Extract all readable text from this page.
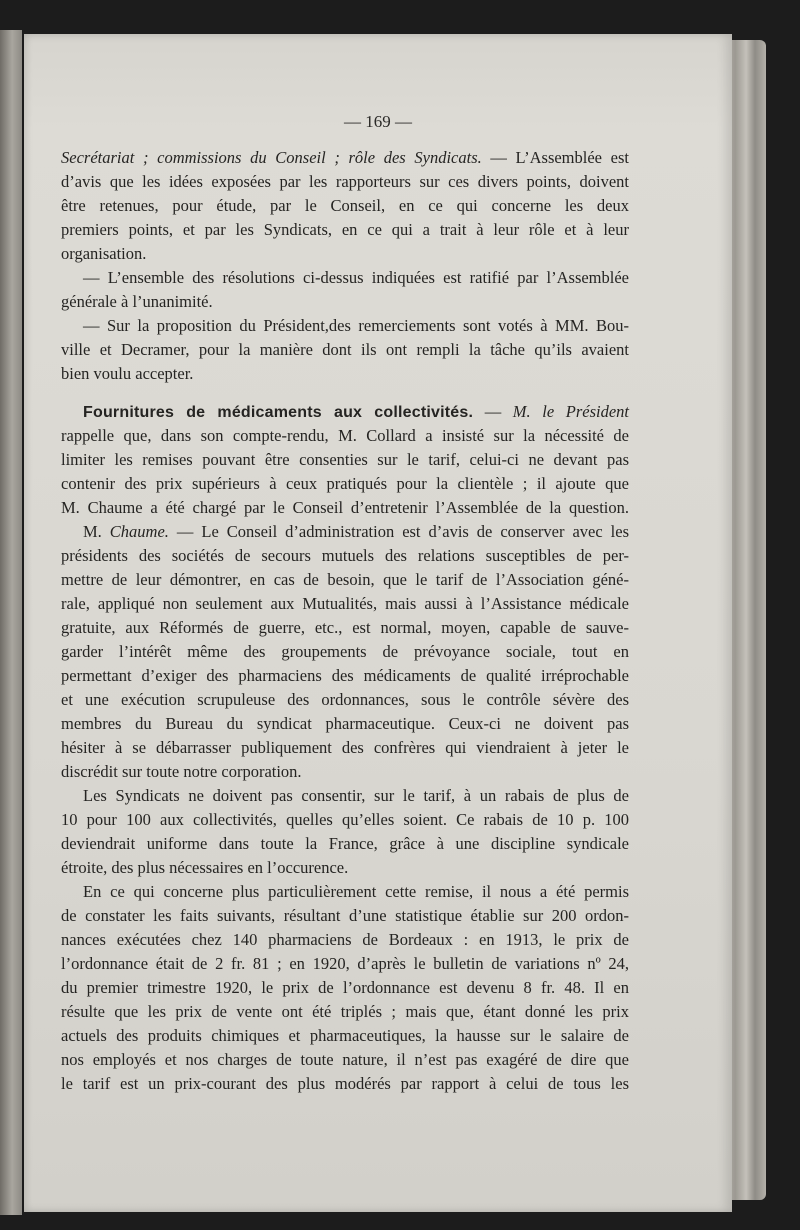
— 169 —
Secrétariat ; commissions du Conseil ; rôle des Syndicats. — L’Assemblée est
d’avis que les idées exposées par les rapporteurs sur ces divers points, doivent
être retenues, pour étude, par le Conseil, en ce qui concerne les deux
premiers points, et par les Syndicats, en ce qui a trait à leur rôle et à leur
organisation.
— L’ensemble des résolutions ci-dessus indiquées est ratifié par l’Assemblée
générale à l’unanimité.
— Sur la proposition du Président,des remerciements sont votés à MM. Bou-
ville et Decramer, pour la manière dont ils ont rempli la tâche qu’ils avaient
bien voulu accepter.
Fournitures de médicaments aux collectivités. — M. le Président
rappelle que, dans son compte-rendu, M. Collard a insisté sur la nécessité de
limiter les remises pouvant être consenties sur le tarif, celui-ci ne devant pas
contenir des prix supérieurs à ceux pratiqués pour la clientèle ; il ajoute que
M. Chaume a été chargé par le Conseil d’entretenir l’Assemblée de la question.
M. Chaume. — Le Conseil d’administration est d’avis de conserver avec les
présidents des sociétés de secours mutuels des relations susceptibles de per-
mettre de leur démontrer, en cas de besoin, que le tarif de l’Association géné-
rale, appliqué non seulement aux Mutualités, mais aussi à l’Assistance médicale
gratuite, aux Réformés de guerre, etc., est normal, moyen, capable de sauve-
garder l’intérêt même des groupements de prévoyance sociale, tout en
permettant d’exiger des pharmaciens des médicaments de qualité irréprochable
et une exécution scrupuleuse des ordonnances, sous le contrôle sévère des
membres du Bureau du syndicat pharmaceutique. Ceux-ci ne doivent pas
hésiter à se débarrasser publiquement des confrères qui viendraient à jeter le
discrédit sur toute notre corporation.
Les Syndicats ne doivent pas consentir, sur le tarif, à un rabais de plus de
10 pour 100 aux collectivités, quelles qu’elles soient. Ce rabais de 10 p. 100
deviendrait uniforme dans toute la France, grâce à une discipline syndicale
étroite, des plus nécessaires en l’occurence.
En ce qui concerne plus particulièrement cette remise, il nous a été permis
de constater les faits suivants, résultant d’une statistique établie sur 200 ordon-
nances exécutées chez 140 pharmaciens de Bordeaux : en 1913, le prix de
l’ordonnance était de 2 fr. 81 ; en 1920, d’après le bulletin de variations nº 24,
du premier trimestre 1920, le prix de l’ordonnance est devenu 8 fr. 48. Il en
résulte que les prix de vente ont été triplés ; mais que, étant donné les prix
actuels des produits chimiques et pharmaceutiques, la hausse sur le salaire de
nos employés et nos charges de toute nature, il n’est pas exagéré de dire que
le tarif est un prix-courant des plus modérés par rapport à celui de tous les
